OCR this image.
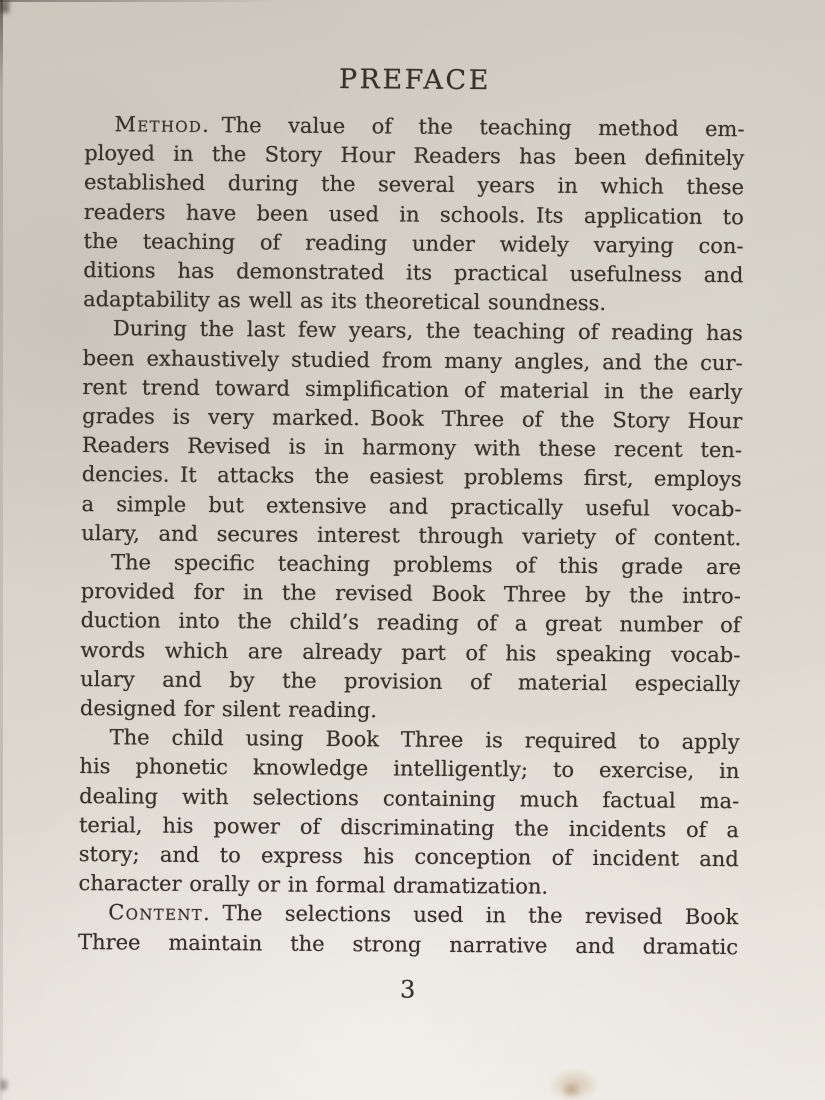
PREFACE
Method. The value of the teaching method em-
ployed in the Story Hour Readers has been definitely
established during the several years in which these
readers have been used in schools. Its application to
the teaching of reading under widely varying con-
ditions has demonstrated its practical usefulness and
adaptability as well as its theoretical soundness.
During the last few years, the teaching of reading has
been exhaustively studied from many angles, and the cur-
rent trend toward simplification of material in the early
grades is very marked. Book Three of the Story Hour
Readers Revised is in harmony with these recent ten-
dencies. It attacks the easiest problems first, employs
a simple but extensive and practically useful vocab-
ulary, and secures interest through variety of content.
The specific teaching problems of this grade are
provided for in the revised Book Three by the intro-
duction into the child’s reading of a great number of
words which are already part of his speaking vocab-
ulary and by the provision of material especially
designed for silent reading.
The child using Book Three is required to apply
his phonetic knowledge intelligently; to exercise, in
dealing with selections containing much factual ma-
terial, his power of discriminating the incidents of a
story; and to express his conception of incident and
character orally or in formal dramatization.
Content. The selections used in the revised Book
Three maintain the strong narrative and dramatic
3
